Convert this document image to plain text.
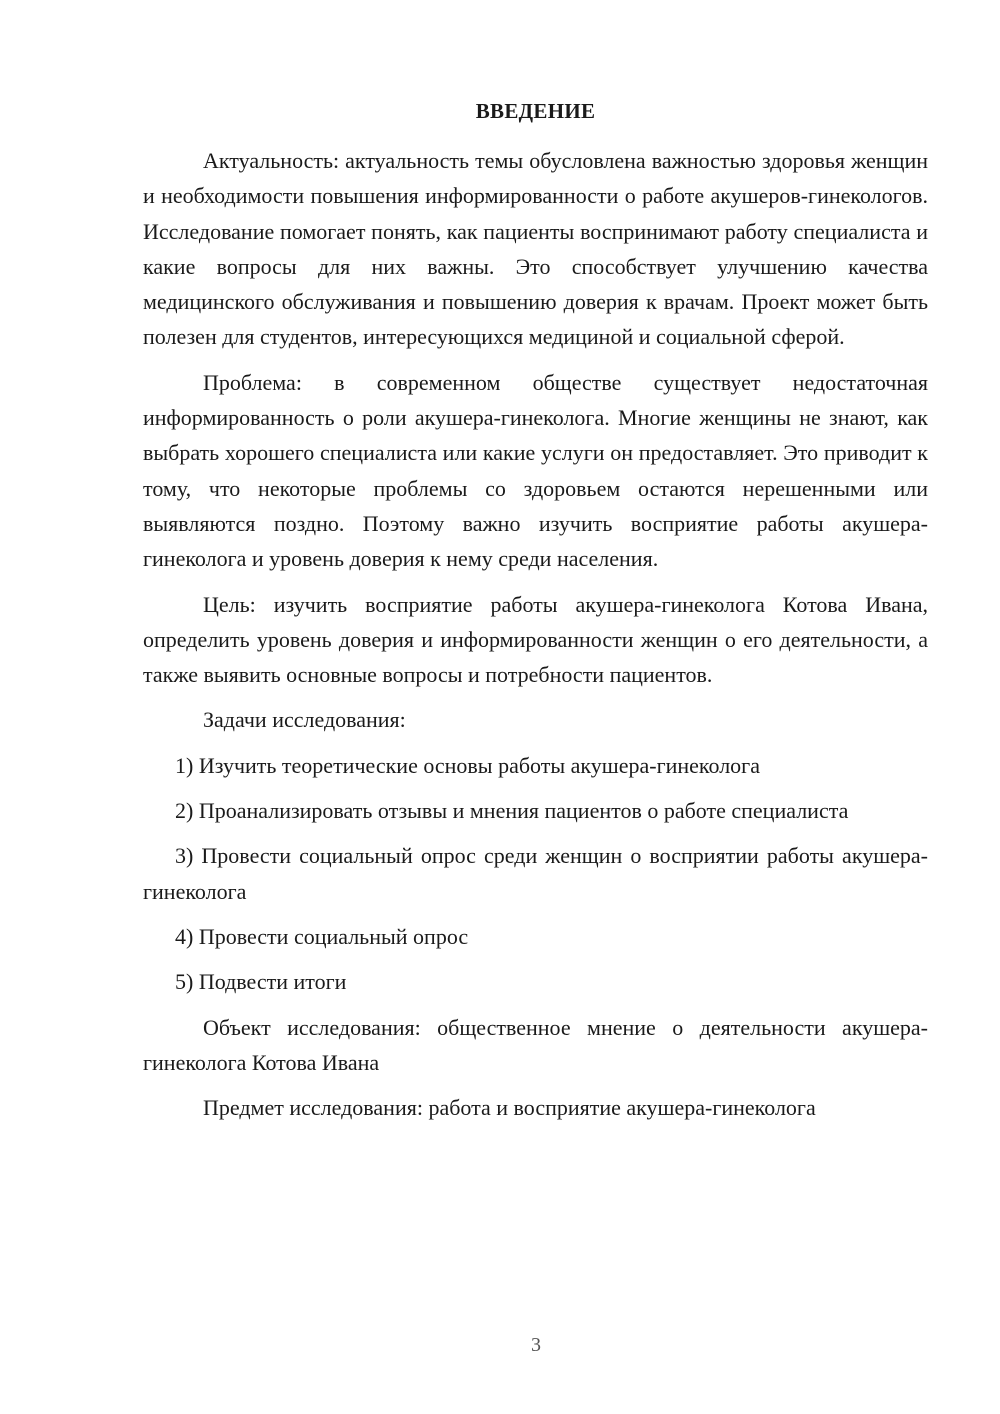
ВВЕДЕНИЕ

Актуальность: актуальность темы обусловлена важностью здоровья женщин и необходимости повышения информированности о работе акушеров-гинекологов. Исследование помогает понять, как пациенты воспринимают работу специалиста и какие вопросы для них важны. Это способствует улучшению качества медицинского обслуживания и повышению доверия к врачам. Проект может быть полезен для студентов, интересующихся медициной и социальной сферой.

Проблема: в современном обществе существует недостаточная информированность о роли акушера-гинеколога. Многие женщины не знают, как выбрать хорошего специалиста или какие услуги он предоставляет. Это приводит к тому, что некоторые проблемы со здоровьем остаются нерешенными или выявляются поздно. Поэтому важно изучить восприятие работы акушера-гинеколога и уровень доверия к нему среди населения.

Цель: изучить восприятие работы акушера-гинеколога Котова Ивана, определить уровень доверия и информированности женщин о его деятельности, а также выявить основные вопросы и потребности пациентов.

Задачи исследования:

1) Изучить теоретические основы работы акушера-гинеколога

2) Проанализировать отзывы и мнения пациентов о работе специалиста

3) Провести социальный опрос среди женщин о восприятии работы акушера-гинеколога

4) Провести социальный опрос

5) Подвести итоги

Объект исследования: общественное мнение о деятельности акушера-гинеколога Котова Ивана

Предмет исследования: работа и восприятие акушера-гинеколога

3
